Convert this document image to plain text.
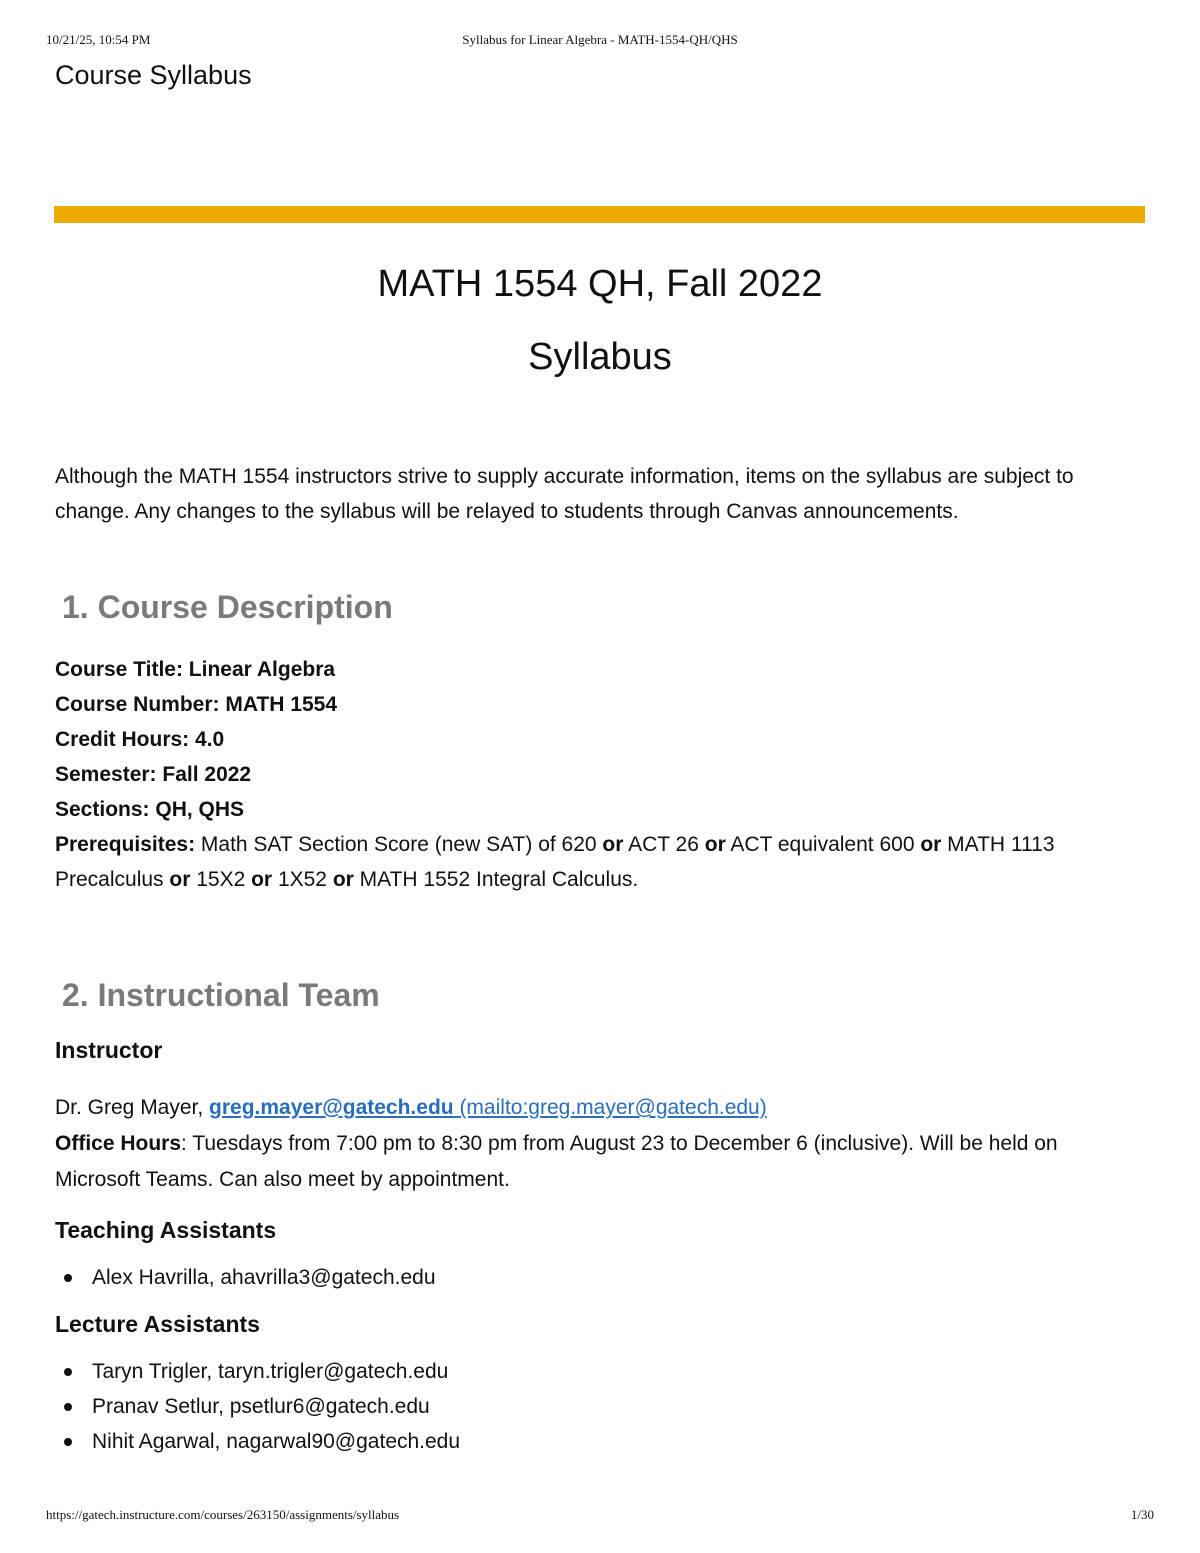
10/21/25, 10:54 PM	Syllabus for Linear Algebra - MATH-1554-QH/QHS
Course Syllabus
MATH 1554 QH, Fall 2022
Syllabus

Although the MATH 1554 instructors strive to supply accurate information, items on the syllabus are subject to change. Any changes to the syllabus will be relayed to students through Canvas announcements.

1. Course Description

Course Title: Linear Algebra

Course Number: MATH 1554

Credit Hours: 4.0

Semester: Fall 2022

Sections: QH, QHS

Prerequisites: Math SAT Section Score (new SAT) of 620 or ACT 26 or ACT equivalent 600 or MATH 1113 Precalculus or 15X2 or 1X52 or MATH 1552 Integral Calculus.

2. Instructional Team
Instructor

Dr. Greg Mayer, greg.mayer@gatech.edu (mailto:greg.mayer@gatech.edu)

Office Hours: Tuesdays from 7:00 pm to 8:30 pm from August 23 to December 6 (inclusive). Will be held on Microsoft Teams. Can also meet by appointment.

Teaching Assistants
Alex Havrilla, ahavrilla3@gatech.edu
Lecture Assistants
Taryn Trigler, taryn.trigler@gatech.edu
Pranav Setlur, psetlur6@gatech.edu
Nihit Agarwal, nagarwal90@gatech.edu
https://gatech.instructure.com/courses/263150/assignments/syllabus	1/30
